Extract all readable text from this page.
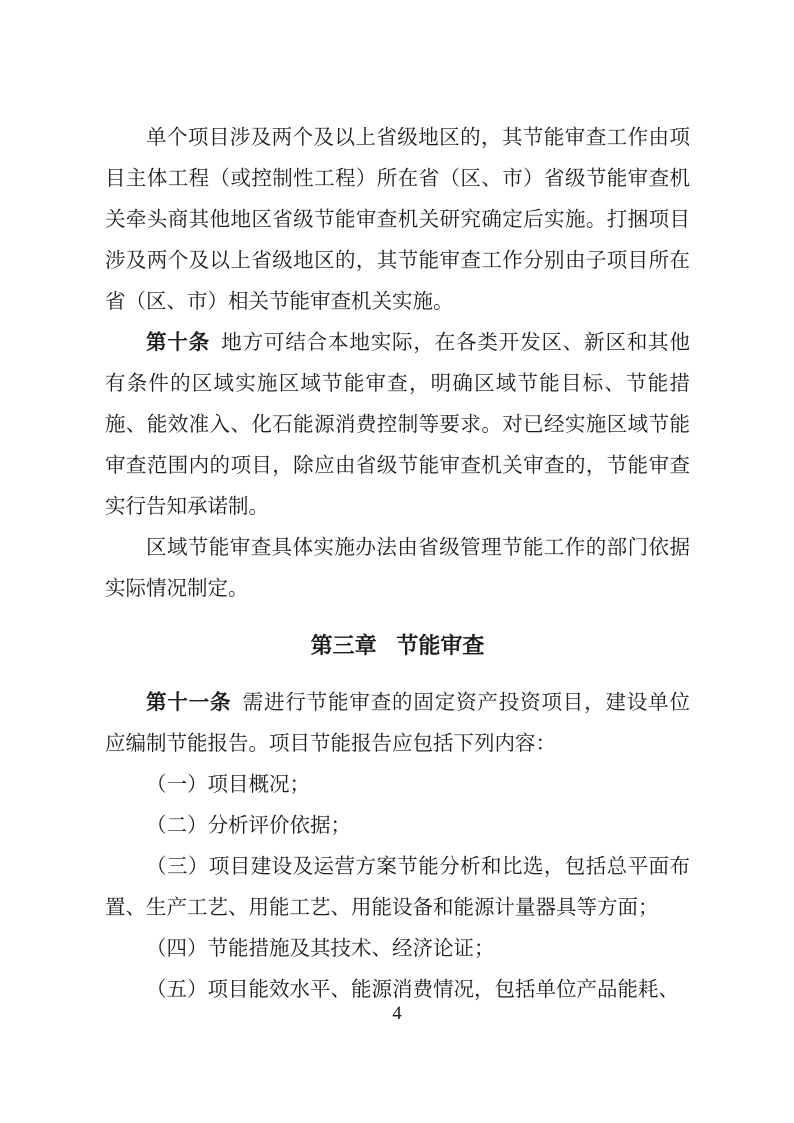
单个项目涉及两个及以上省级地区的，其节能审查工作由项目主体工程（或控制性工程）所在省（区、市）省级节能审查机关牵头商其他地区省级节能审查机关研究确定后实施。打捆项目涉及两个及以上省级地区的，其节能审查工作分别由子项目所在省（区、市）相关节能审查机关实施。

第十条 地方可结合本地实际，在各类开发区、新区和其他有条件的区域实施区域节能审查，明确区域节能目标、节能措施、能效准入、化石能源消费控制等要求。对已经实施区域节能审查范围内的项目，除应由省级节能审查机关审查的，节能审查实行告知承诺制。

区域节能审查具体实施办法由省级管理节能工作的部门依据实际情况制定。

第三章 节能审查

第十一条 需进行节能审查的固定资产投资项目，建设单位应编制节能报告。项目节能报告应包括下列内容：

（一）项目概况；

（二）分析评价依据；

（三）项目建设及运营方案节能分析和比选，包括总平面布置、生产工艺、用能工艺、用能设备和能源计量器具等方面；

（四）节能措施及其技术、经济论证；

（五）项目能效水平、能源消费情况，包括单位产品能耗、

4
